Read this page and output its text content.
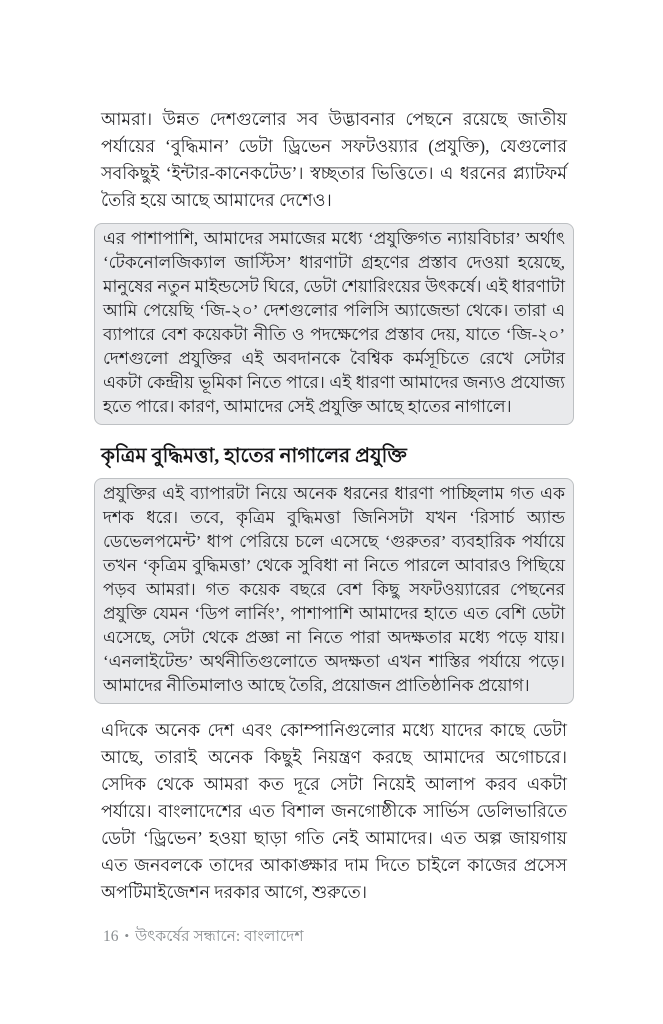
আমরা। উন্নত দেশগুলোর সব উদ্ভাবনার পেছনে রয়েছে জাতীয় পর্যায়ের ‘বুদ্ধিমান’ ডেটা ড্রিভেন সফটওয়্যার (প্রযুক্তি), যেগুলোর সবকিছুই ‘ইন্টার-কানেকটেড’। স্বচ্ছতার ভিত্তিতে। এ ধরনের প্ল্যাটফর্ম তৈরি হয়ে আছে আমাদের দেশেও।

এর পাশাপাশি, আমাদের সমাজের মধ্যে ‘প্রযুক্তিগত ন্যায়বিচার’ অর্থাৎ ‘টেকনোলজিক্যাল জাস্টিস’ ধারণাটা গ্রহণের প্রস্তাব দেওয়া হয়েছে, মানুষের নতুন মাইন্ডসেট ঘিরে, ডেটা শেয়ারিংয়ের উৎকর্ষে। এই ধারণাটা আমি পেয়েছি ‘জি-২০’ দেশগুলোর পলিসি অ্যাজেন্ডা থেকে। তারা এ ব্যাপারে বেশ কয়েকটা নীতি ও পদক্ষেপের প্রস্তাব দেয়, যাতে ‘জি-২০’ দেশগুলো প্রযুক্তির এই অবদানকে বৈশ্বিক কর্মসূচিতে রেখে সেটার একটা কেন্দ্রীয় ভূমিকা নিতে পারে। এই ধারণা আমাদের জন্যও প্রযোজ্য হতে পারে। কারণ, আমাদের সেই প্রযুক্তি আছে হাতের নাগালে।
কৃত্রিম বুদ্ধিমত্তা, হাতের নাগালের প্রযুক্তি
প্রযুক্তির এই ব্যাপারটা নিয়ে অনেক ধরনের ধারণা পাচ্ছিলাম গত এক দশক ধরে। তবে, কৃত্রিম বুদ্ধিমত্তা জিনিসটা যখন ‘রিসার্চ অ্যান্ড ডেভেলপমেন্ট’ ধাপ পেরিয়ে চলে এসেছে ‘গুরুতর’ ব্যবহারিক পর্যায়ে তখন ‘কৃত্রিম বুদ্ধিমত্তা’ থেকে সুবিধা না নিতে পারলে আবারও পিছিয়ে পড়ব আমরা। গত কয়েক বছরে বেশ কিছু সফটওয়্যারের পেছনের প্রযুক্তি যেমন ‘ডিপ লার্নিং’, পাশাপাশি আমাদের হাতে এত বেশি ডেটা এসেছে, সেটা থেকে প্রজ্ঞা না নিতে পারা অদক্ষতার মধ্যে পড়ে যায়। ‘এনলাইটেন্ড’ অর্থনীতিগুলোতে অদক্ষতা এখন শাস্তির পর্যায়ে পড়ে। আমাদের নীতিমালাও আছে তৈরি, প্রয়োজন প্রাতিষ্ঠানিক প্রয়োগ।

এদিকে অনেক দেশ এবং কোম্পানিগুলোর মধ্যে যাদের কাছে ডেটা আছে, তারাই অনেক কিছুই নিয়ন্ত্রণ করছে আমাদের অগোচরে। সেদিক থেকে আমরা কত দূরে সেটা নিয়েই আলাপ করব একটা পর্যায়ে। বাংলাদেশের এত বিশাল জনগোষ্ঠীকে সার্ভিস ডেলিভারিতে ডেটা ‘ড্রিভেন’ হওয়া ছাড়া গতি নেই আমাদের। এত অল্প জায়গায় এত জনবলকে তাদের আকাঙ্ক্ষার দাম দিতে চাইলে কাজের প্রসেস অপটিমাইজেশন দরকার আগে, শুরুতে।

16 • উৎকর্ষের সন্ধানে: বাংলাদেশ
